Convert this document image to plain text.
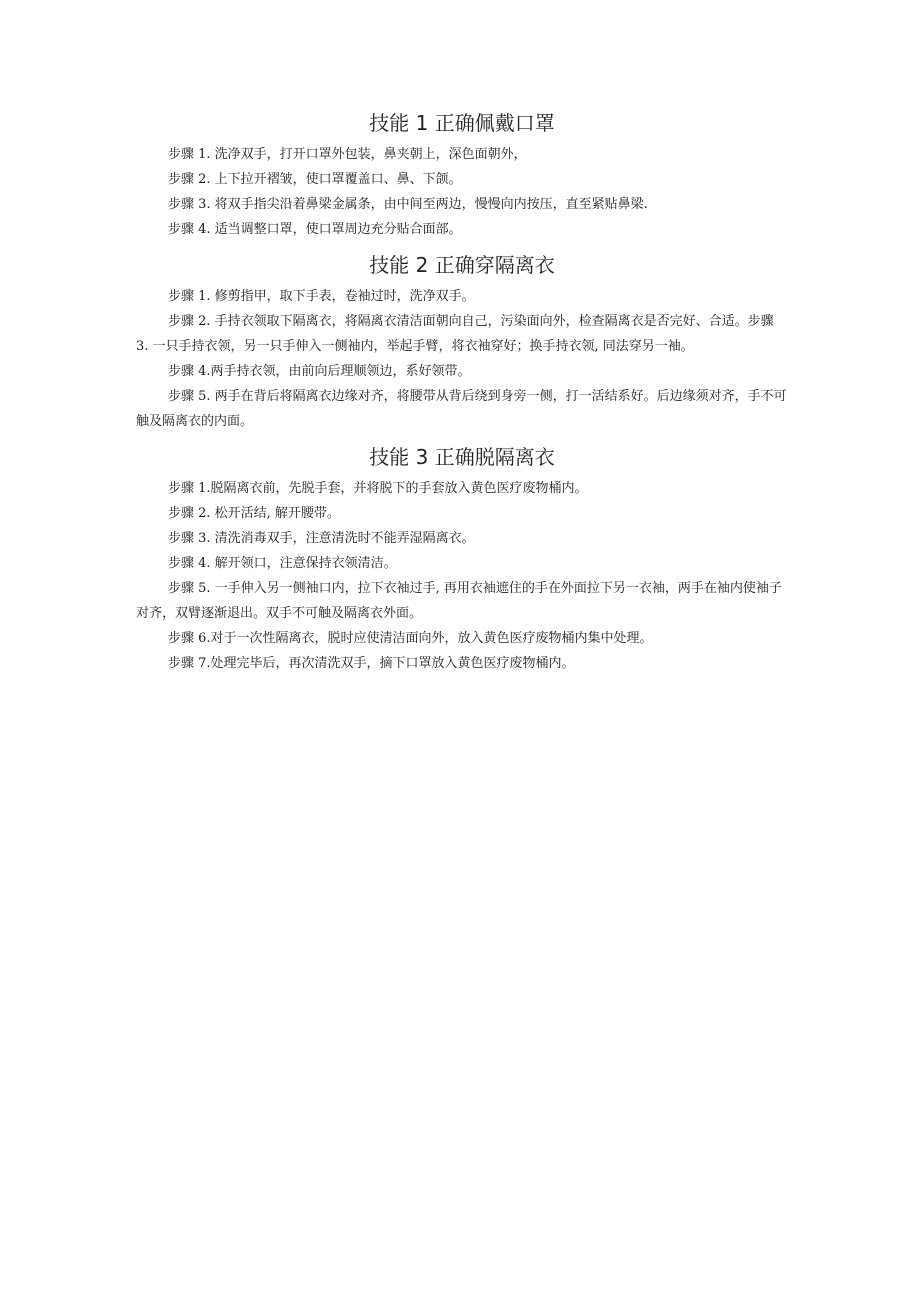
技能 1 正确佩戴口罩

步骤 1. 洗净双手，打开口罩外包装，鼻夹朝上，深色面朝外，

步骤 2. 上下拉开褶皱，使口罩覆盖口、鼻、下颌。

步骤 3. 将双手指尖沿着鼻梁金属条，由中间至两边，慢慢向内按压，直至紧贴鼻梁.

步骤 4. 适当调整口罩，使口罩周边充分贴合面部。

技能 2 正确穿隔离衣

步骤 1. 修剪指甲，取下手表，卷袖过时，洗净双手。

步骤 2. 手持衣领取下隔离衣，将隔离衣清洁面朝向自己，污染面向外，检查隔离衣是否完好、合适。步骤 3. 一只手持衣领，另一只手伸入一侧袖内，举起手臂，将衣袖穿好；换手持衣领, 同法穿另一袖。

步骤 4.两手持衣领，由前向后理顺领边，系好领带。

步骤 5. 两手在背后将隔离衣边缘对齐，将腰带从背后绕到身旁一侧，打一活结系好。后边缘须对齐，手不可触及隔离衣的内面。

技能 3 正确脱隔离衣

步骤 1.脱隔离衣前，先脱手套，并将脱下的手套放入黄色医疗废物桶内。

步骤 2. 松开活结, 解开腰带。

步骤 3. 清洗消毒双手，注意清洗时不能弄湿隔离衣。

步骤 4. 解开领口，注意保持衣领清洁。

步骤 5. 一手伸入另一侧袖口内，拉下衣袖过手, 再用衣袖遮住的手在外面拉下另一衣袖，两手在袖内使袖子对齐，双臂逐渐退出。双手不可触及隔离衣外面。

步骤 6.对于一次性隔离衣，脱时应使清洁面向外，放入黄色医疗废物桶内集中处理。

步骤 7.处理完毕后，再次清洗双手，摘下口罩放入黄色医疗废物桶内。
